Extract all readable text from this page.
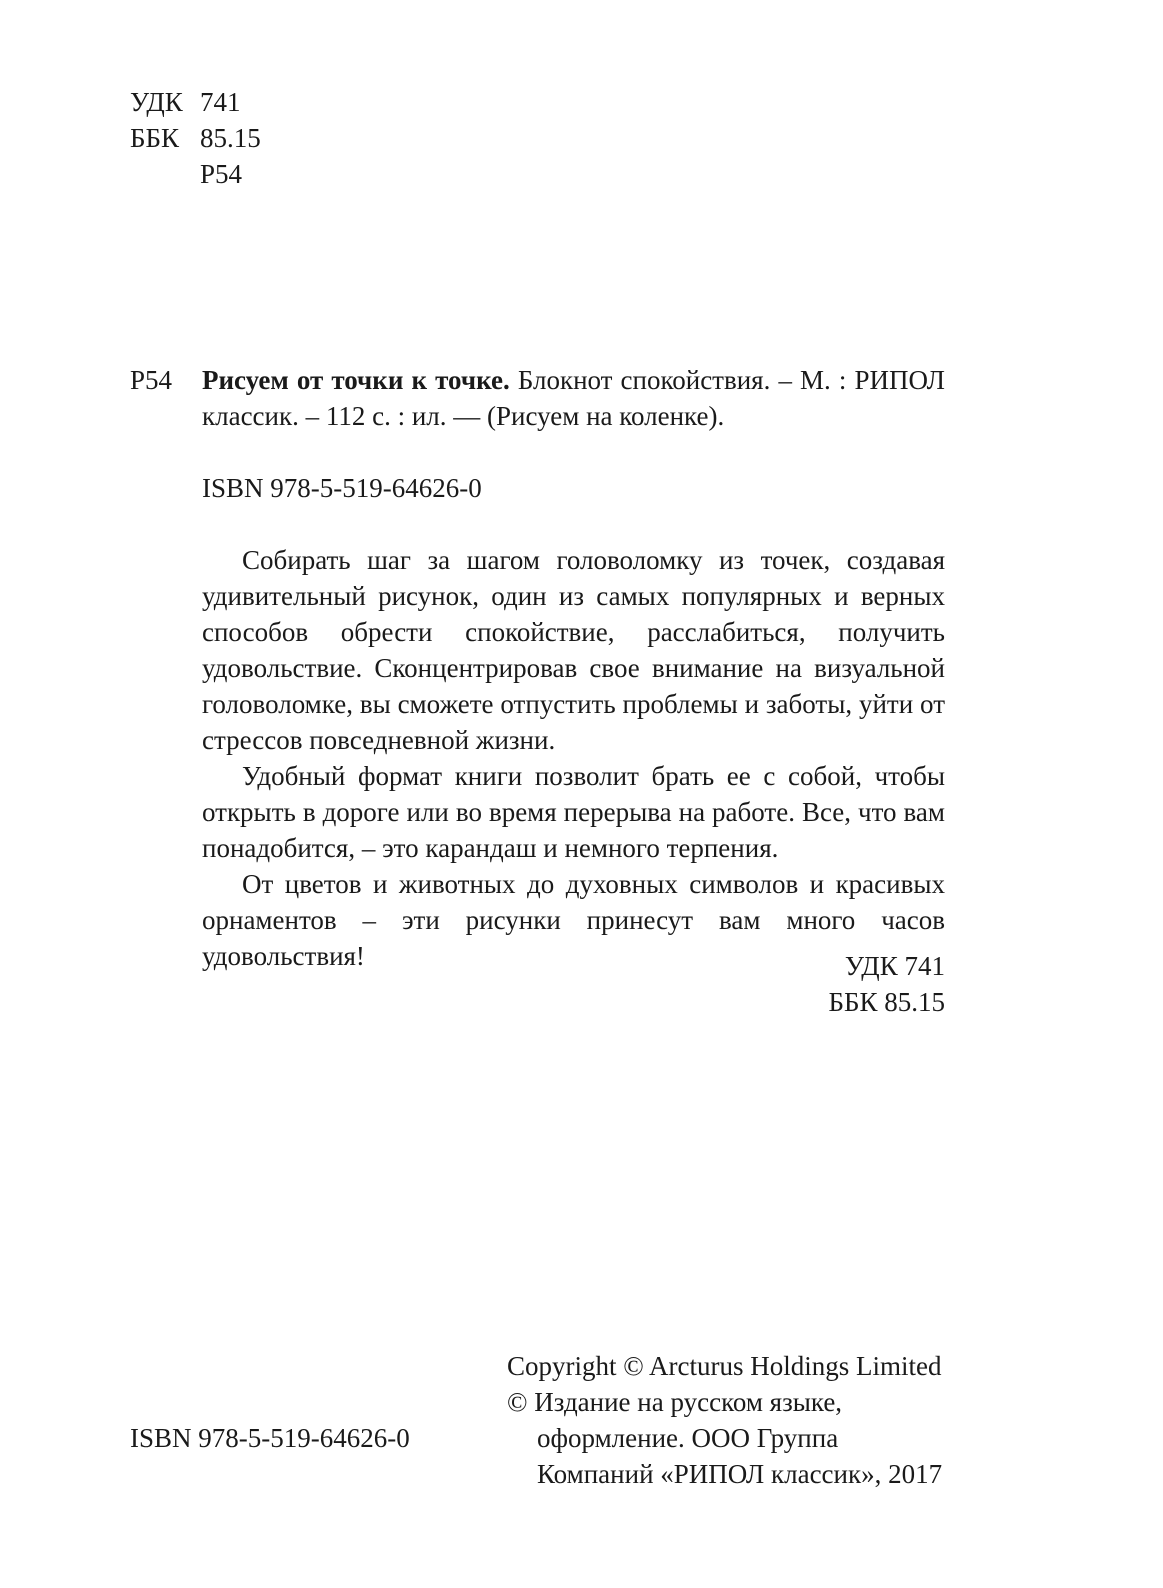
УДК 741
ББК 85.15
Р54
Р54	Рисуем от точки к точке. Блокнот спокойствия. – М. : РИПОЛ классик. – 112 с. : ил. — (Рисуем на коленке).
ISBN 978-5-519-64626-0

Собирать шаг за шагом головоломку из точек, создавая удивительный рисунок, один из самых популярных и верных способов обрести спокойствие, расслабиться, получить удовольствие. Сконцентрировав свое внимание на визуальной головоломке, вы сможете отпустить проблемы и заботы, уйти от стрессов повседневной жизни.

Удобный формат книги позволит брать ее с собой, чтобы открыть в дороге или во время перерыва на работе. Все, что вам понадобится, – это карандаш и немного терпения.

От цветов и животных до духовных символов и красивых орнаментов – эти рисунки принесут вам много часов удовольствия!	УДК 741
ББК 85.15
Copyright © Arcturus Holdings Limited
© Издание на русском языке,
оформление. ООО Группа
Компаний «РИПОЛ классик», 2017
ISBN 978-5-519-64626-0
